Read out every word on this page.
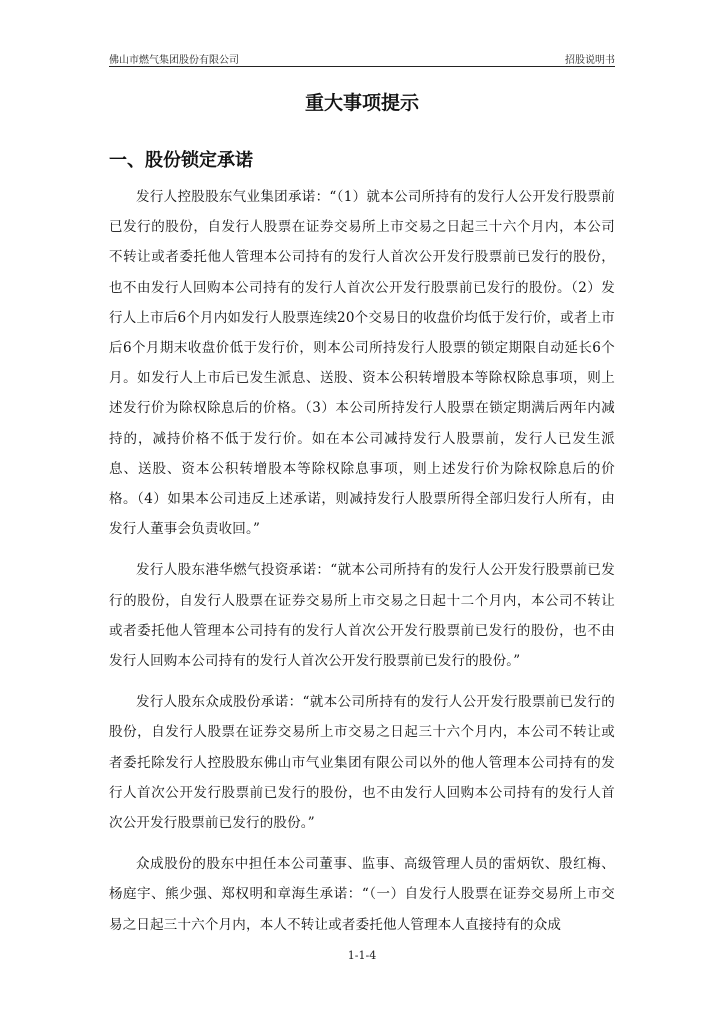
佛山市燃气集团股份有限公司	招股说明书
重大事项提示
一、股份锁定承诺

发行人控股股东气业集团承诺：“（1）就本公司所持有的发行人公开发行股票前已发行的股份，自发行人股票在证券交易所上市交易之日起三十六个月内，本公司不转让或者委托他人管理本公司持有的发行人首次公开发行股票前已发行的股份，也不由发行人回购本公司持有的发行人首次公开发行股票前已发行的股份。（2）发行人上市后6个月内如发行人股票连续20个交易日的收盘价均低于发行价，或者上市后6个月期末收盘价低于发行价，则本公司所持发行人股票的锁定期限自动延长6个月。如发行人上市后已发生派息、送股、资本公积转增股本等除权除息事项，则上述发行价为除权除息后的价格。（3）本公司所持发行人股票在锁定期满后两年内减持的，减持价格不低于发行价。如在本公司减持发行人股票前，发行人已发生派息、送股、资本公积转增股本等除权除息事项，则上述发行价为除权除息后的价格。（4）如果本公司违反上述承诺，则减持发行人股票所得全部归发行人所有，由发行人董事会负责收回。”

发行人股东港华燃气投资承诺：“就本公司所持有的发行人公开发行股票前已发行的股份，自发行人股票在证券交易所上市交易之日起十二个月内，本公司不转让或者委托他人管理本公司持有的发行人首次公开发行股票前已发行的股份，也不由发行人回购本公司持有的发行人首次公开发行股票前已发行的股份。”

发行人股东众成股份承诺：“就本公司所持有的发行人公开发行股票前已发行的股份，自发行人股票在证券交易所上市交易之日起三十六个月内，本公司不转让或者委托除发行人控股股东佛山市气业集团有限公司以外的他人管理本公司持有的发行人首次公开发行股票前已发行的股份，也不由发行人回购本公司持有的发行人首次公开发行股票前已发行的股份。”

众成股份的股东中担任本公司董事、监事、高级管理人员的雷炳钦、殷红梅、杨庭宇、熊少强、郑权明和章海生承诺：“（一）自发行人股票在证券交易所上市交易之日起三十六个月内，本人不转让或者委托他人管理本人直接持有的众成

1-1-4
